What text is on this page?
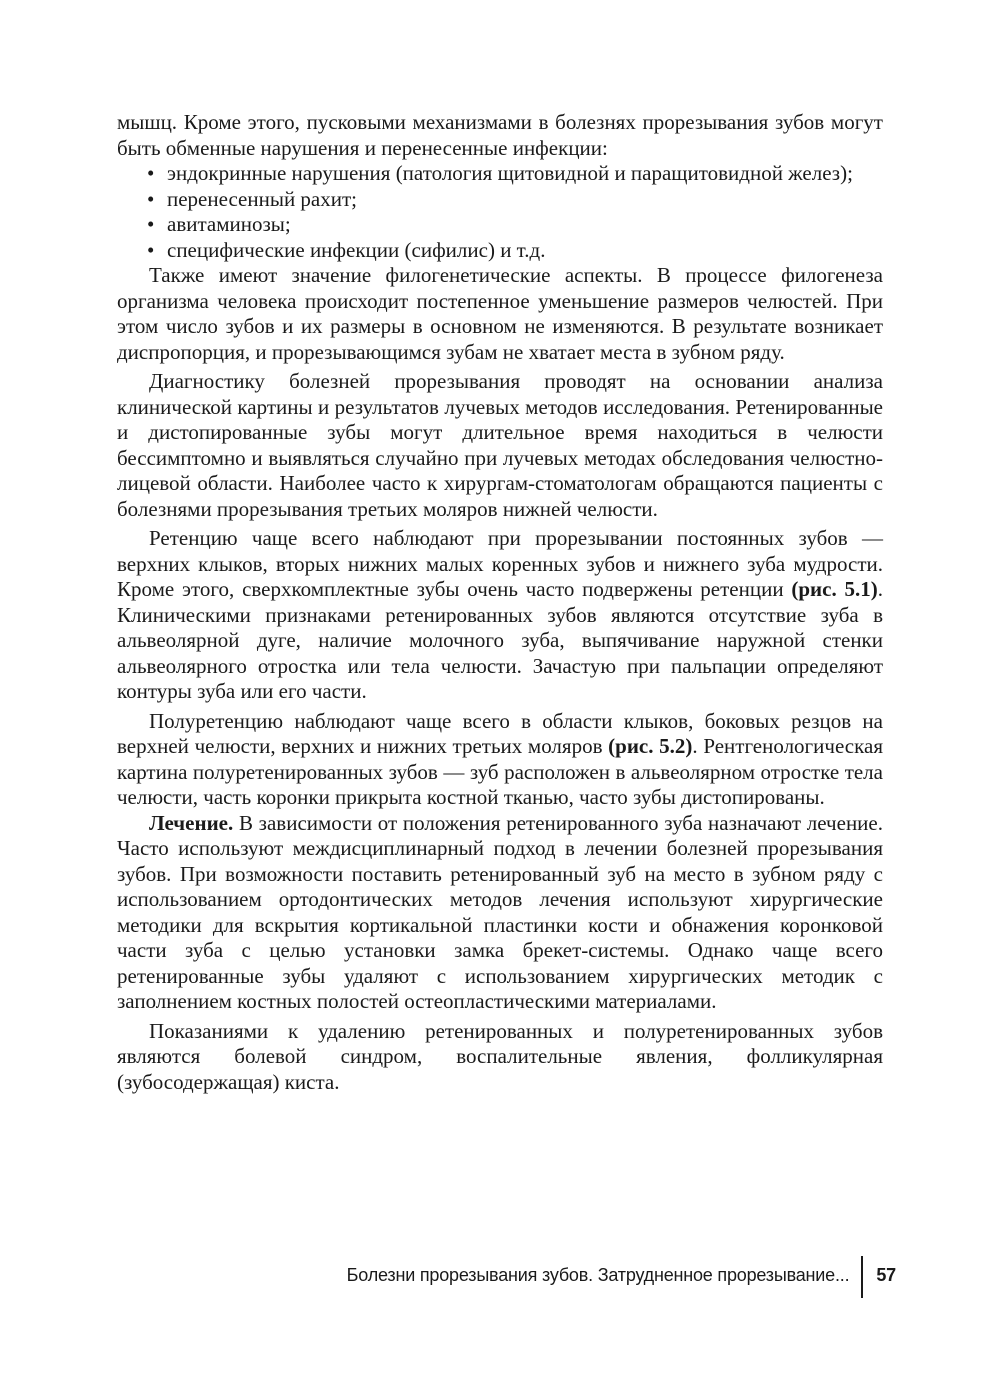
мышц. Кроме этого, пусковыми механизмами в болезнях прорезывания зубов могут быть обменные нарушения и перенесенные инфекции:

• эндокринные нарушения (патология щитовидной и паращитовидной желез);
• перенесенный рахит;
• авитаминозы;
• специфические инфекции (сифилис) и т.д.

Также имеют значение филогенетические аспекты. В процессе филогенеза организма человека происходит постепенное уменьшение размеров челюстей. При этом число зубов и их размеры в основном не изменяются. В результате возникает диспропорция, и прорезывающимся зубам не хватает места в зубном ряду.

Диагностику болезней прорезывания проводят на основании анализа клинической картины и результатов лучевых методов исследования. Ретенированные и дистопированные зубы могут длительное время находиться в челюсти бессимптомно и выявляться случайно при лучевых методах обследования челюстно-лицевой области. Наиболее часто к хирургам-стоматологам обращаются пациенты с болезнями прорезывания третьих моляров нижней челюсти.

Ретенцию чаще всего наблюдают при прорезывании постоянных зубов — верхних клыков, вторых нижних малых коренных зубов и нижнего зуба мудрости. Кроме этого, сверхкомплектные зубы очень часто подвержены ретенции (рис. 5.1). Клиническими признаками ретенированных зубов являются отсутствие зуба в альвеолярной дуге, наличие молочного зуба, выпячивание наружной стенки альвеолярного отростка или тела челюсти. Зачастую при пальпации определяют контуры зуба или его части.

Полуретенцию наблюдают чаще всего в области клыков, боковых резцов на верхней челюсти, верхних и нижних третьих моляров (рис. 5.2). Рентгенологическая картина полуретенированных зубов — зуб расположен в альвеолярном отростке тела челюсти, часть коронки прикрыта костной тканью, часто зубы дистопированы.

Лечение. В зависимости от положения ретенированного зуба назначают лечение. Часто используют междисциплинарный подход в лечении болезней прорезывания зубов. При возможности поставить ретенированный зуб на место в зубном ряду с использованием ортодонтических методов лечения используют хирургические методики для вскрытия кортикальной пластинки кости и обнажения коронковой части зуба с целью установки замка брекет-системы. Однако чаще всего ретенированные зубы удаляют с использованием хирургических методик с заполнением костных полостей остеопластическими материалами.

Показаниями к удалению ретенированных и полуретенированных зубов являются болевой синдром, воспалительные явления, фолликулярная (зубосодержащая) киста.

Болезни прорезывания зубов. Затрудненное прорезывание...	57
